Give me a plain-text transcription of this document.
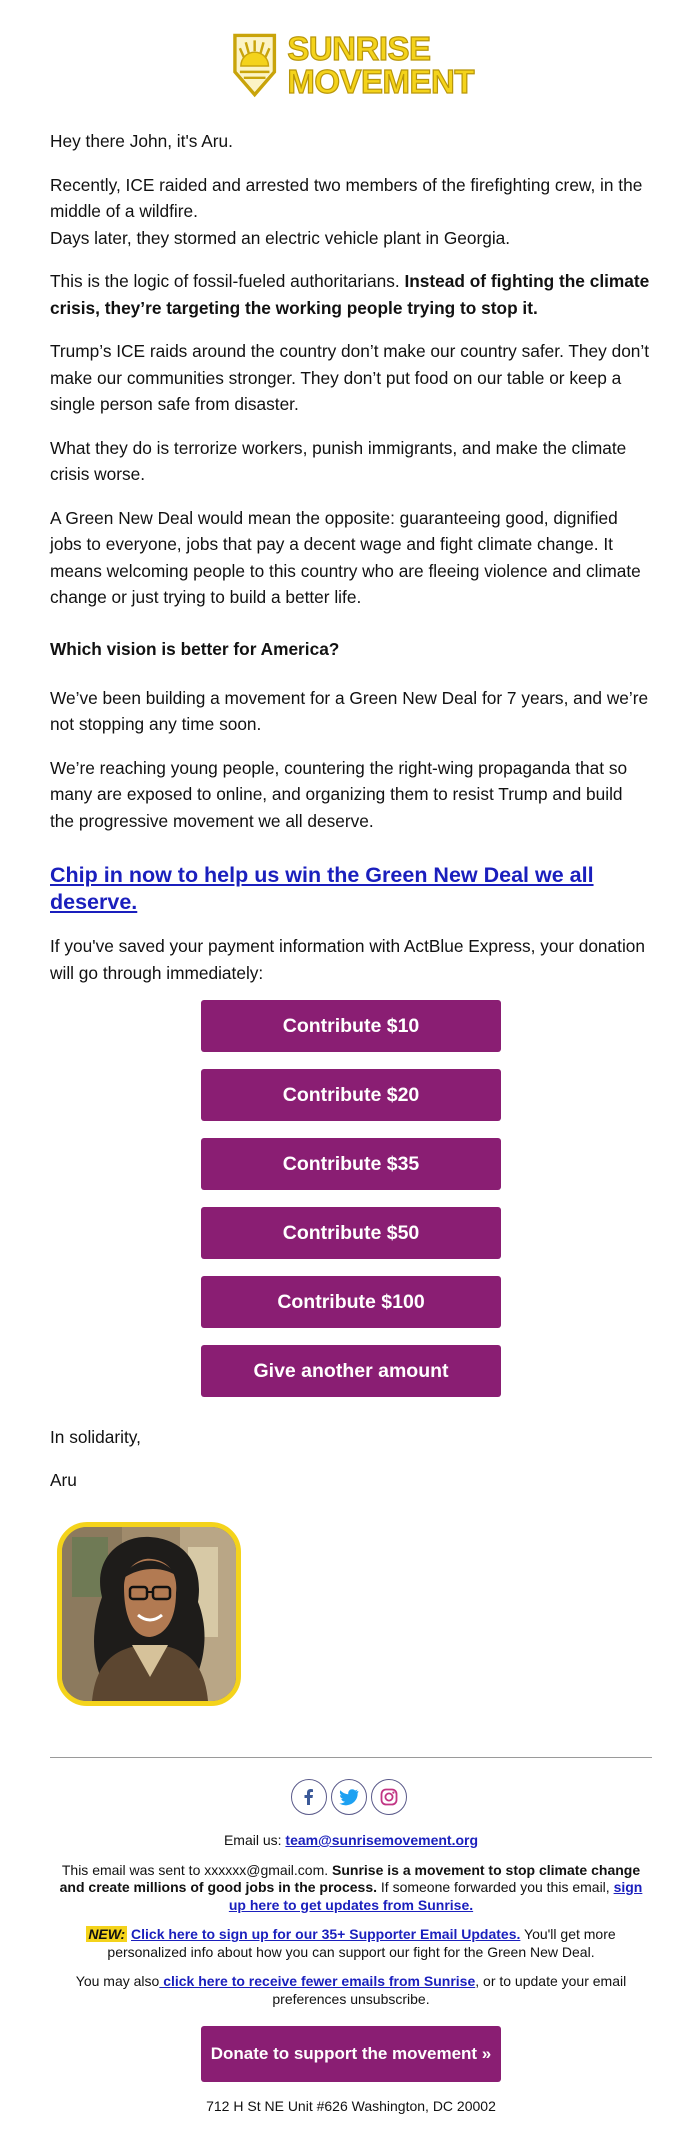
SUNRISE
MOVEMENT

Hey there John, it's Aru.

Recently, ICE raided and arrested two members of the firefighting crew, in the middle of a wildfire.
Days later, they stormed an electric vehicle plant in Georgia.

This is the logic of fossil-fueled authoritarians. Instead of fighting the climate crisis, they’re targeting the working people trying to stop it.

Trump’s ICE raids around the country don’t make our country safer. They don’t make our communities stronger. They don’t put food on our table or keep a single person safe from disaster.

What they do is terrorize workers, punish immigrants, and make the climate crisis worse.

A Green New Deal would mean the opposite: guaranteeing good, dignified jobs to everyone, jobs that pay a decent wage and fight climate change. It means welcoming people to this country who are fleeing violence and climate change or just trying to build a better life.

Which vision is better for America?

We’ve been building a movement for a Green New Deal for 7 years, and we’re not stopping any time soon.

We’re reaching young people, countering the right-wing propaganda that so many are exposed to online, and organizing them to resist Trump and build the progressive movement we all deserve.

Chip in now to help us win the Green New Deal we all deserve.

If you've saved your payment information with ActBlue Express, your donation will go through immediately:

Contribute $10
Contribute $20
Contribute $35
Contribute $50
Contribute $100
Give another amount

In solidarity,

Aru

Email us: team@sunrisemovement.org

This email was sent to xxxxxx@gmail.com. Sunrise is a movement to stop climate change and create millions of good jobs in the process. If someone forwarded you this email, sign up here to get updates from Sunrise.

NEW: Click here to sign up for our 35+ Supporter Email Updates. You'll get more personalized info about how you can support our fight for the Green New Deal.

You may also click here to receive fewer emails from Sunrise, or to update your email preferences unsubscribe.

Donate to support the movement »
712 H St NE Unit #626 Washington, DC 20002
